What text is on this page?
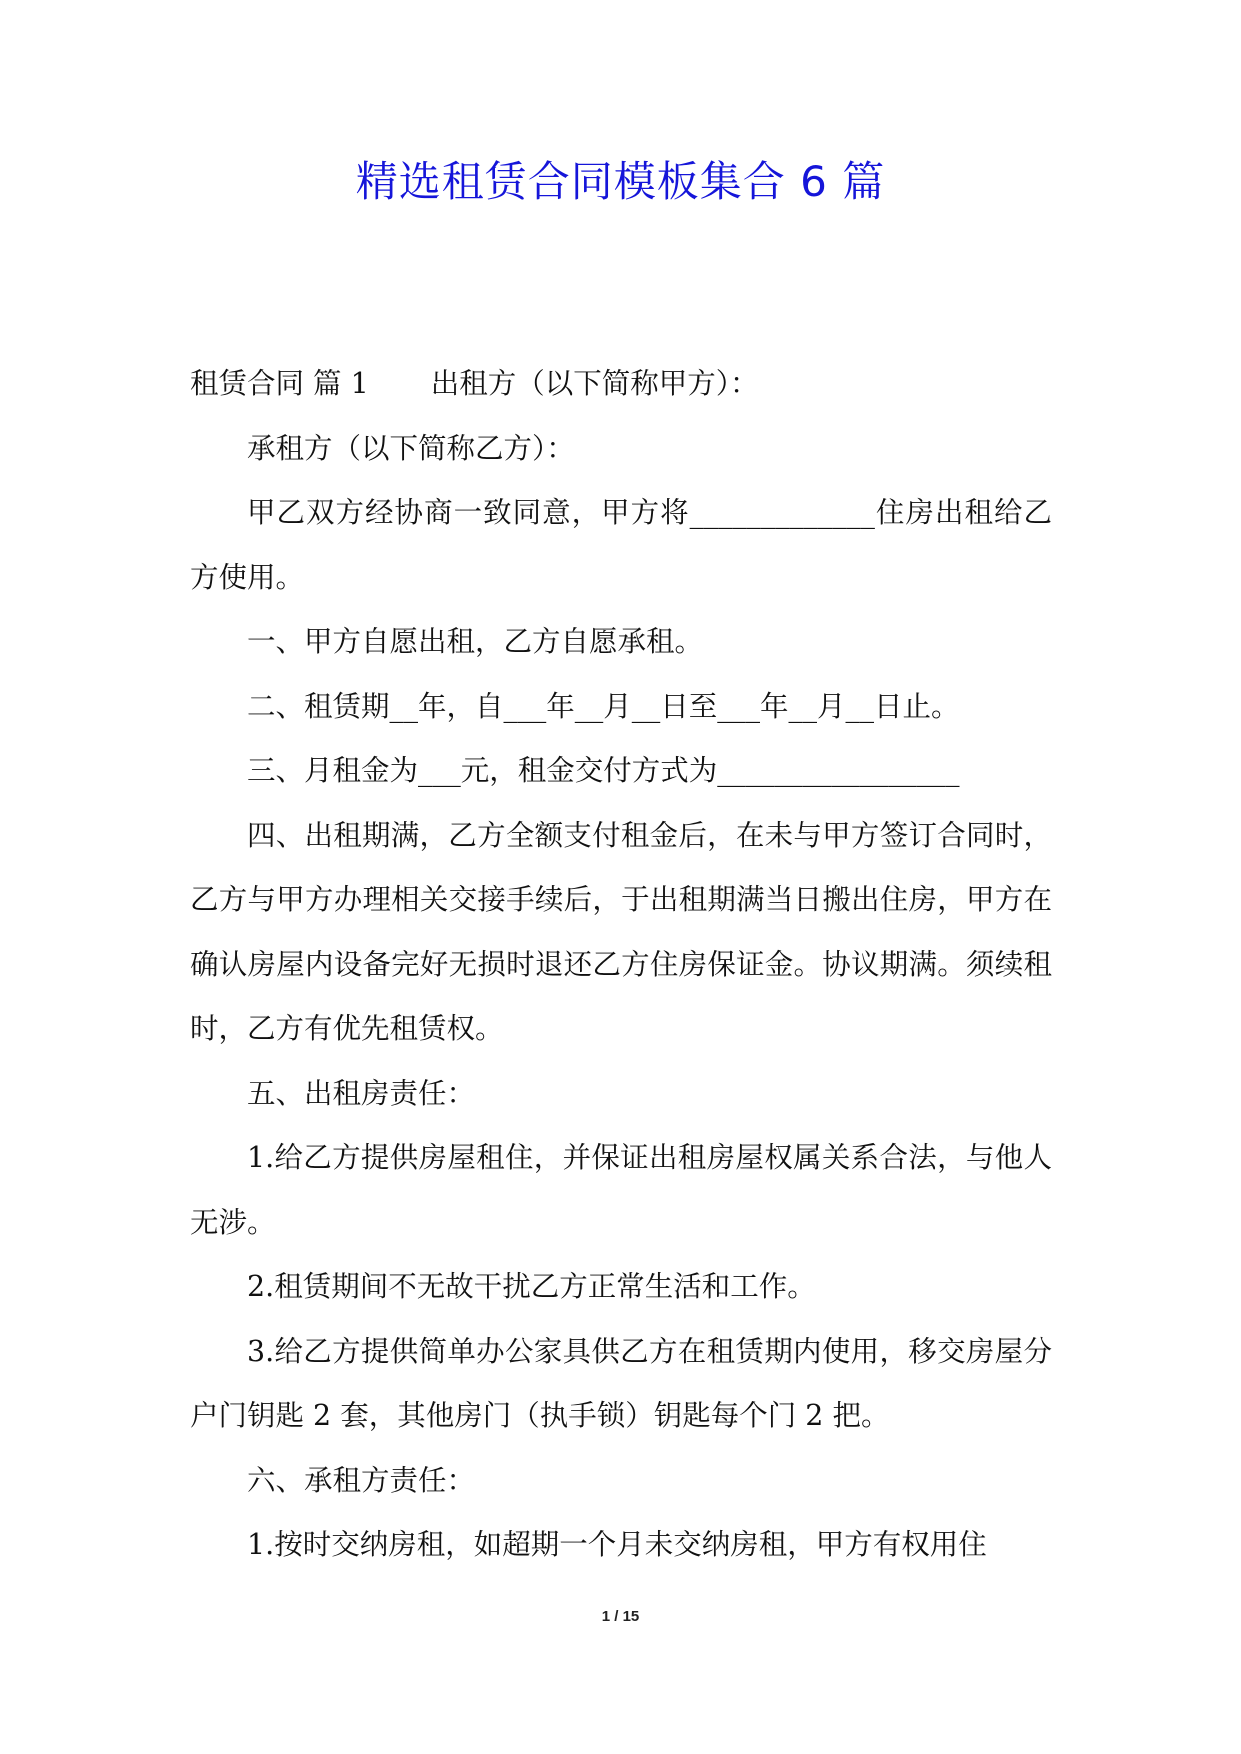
精选租赁合同模板集合 6 篇

租赁合同 篇 1 出租方（以下简称甲方）：

承租方（以下简称乙方）：

甲乙双方经协商一致同意，甲方将_____________住房出租给乙方使用。

一、甲方自愿出租，乙方自愿承租。

二、租赁期__年，自___年__月__日至___年__月__日止。

三、月租金为___元，租金交付方式为_________________

四、出租期满，乙方全额支付租金后，在未与甲方签订合同时，乙方与甲方办理相关交接手续后，于出租期满当日搬出住房，甲方在确认房屋内设备完好无损时退还乙方住房保证金。协议期满。须续租时，乙方有优先租赁权。

五、出租房责任：

1.给乙方提供房屋租住，并保证出租房屋权属关系合法，与他人无涉。

2.租赁期间不无故干扰乙方正常生活和工作。

3.给乙方提供简单办公家具供乙方在租赁期内使用，移交房屋分户门钥匙 2 套，其他房门（执手锁）钥匙每个门 2 把。

六、承租方责任：

1.按时交纳房租，如超期一个月未交纳房租，甲方有权用住

1 / 15
